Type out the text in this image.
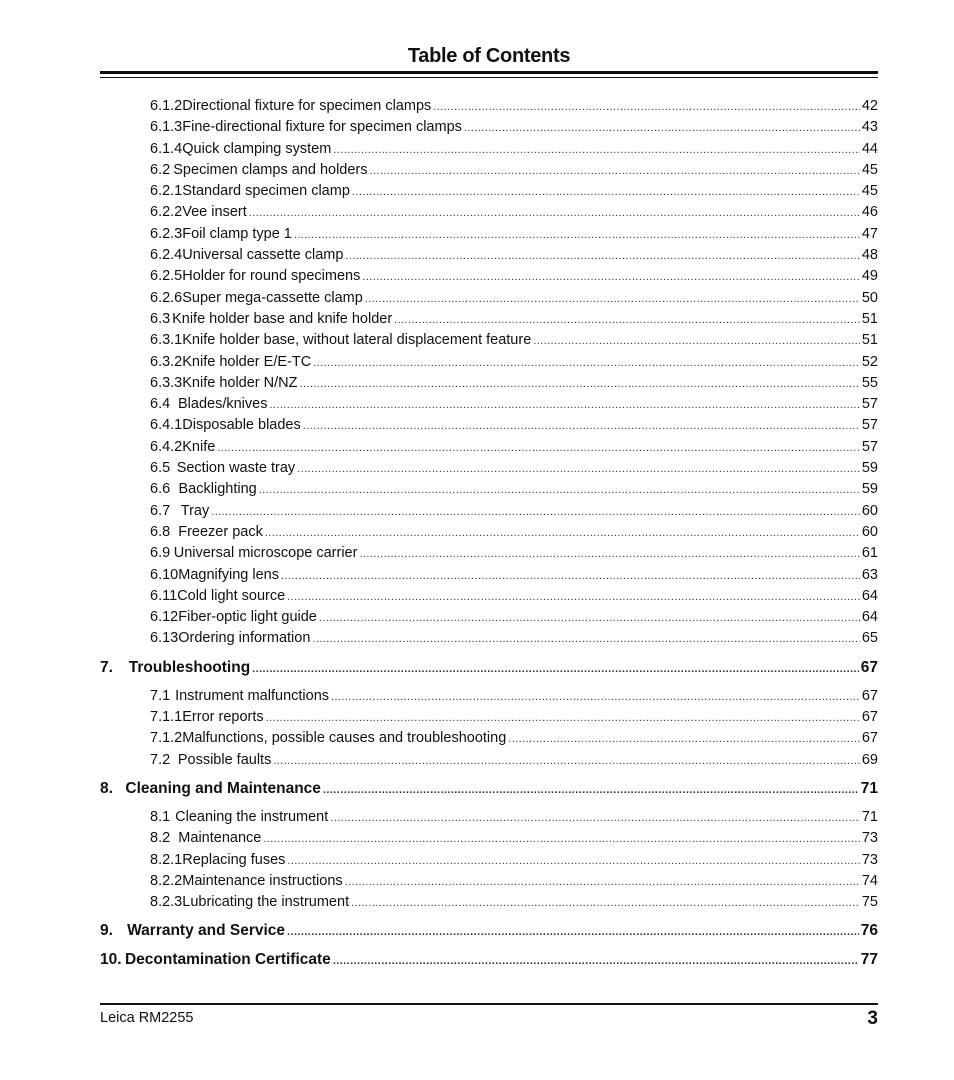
Table of Contents
6.1.2 Directional fixture for specimen clamps .....	42
6.1.3 Fine-directional fixture for specimen clamps .....	43
6.1.4 Quick clamping system .....	44
6.2 Specimen clamps and holders .....	45
6.2.1 Standard specimen clamp .....	45
6.2.2 Vee insert .....	46
6.2.3 Foil clamp type 1 .....	47
6.2.4 Universal cassette clamp .....	48
6.2.5 Holder for round specimens .....	49
6.2.6 Super mega-cassette clamp .....	50
6.3 Knife holder base and knife holder .....	51
6.3.1 Knife holder base, without lateral displacement feature .....	51
6.3.2 Knife holder E/E-TC .....	52
6.3.3 Knife holder N/NZ .....	55
6.4 Blades/knives .....	57
6.4.1 Disposable blades .....	57
6.4.2 Knife .....	57
6.5 Section waste tray .....	59
6.6 Backlighting .....	59
6.7 Tray .....	60
6.8 Freezer pack .....	60
6.9 Universal microscope carrier .....	61
6.10 Magnifying lens .....	63
6.11 Cold light source .....	64
6.12 Fiber-optic light guide .....	64
6.13 Ordering information .....	65
7.	Troubleshooting .....	67
7.1 Instrument malfunctions .....	67
7.1.1 Error reports .....	67
7.1.2 Malfunctions, possible causes and troubleshooting .....	67
7.2 Possible faults .....	69
8. Cleaning and Maintenance .....	71
8.1 Cleaning the instrument .....	71
8.2 Maintenance .....	73
8.2.1 Replacing fuses .....	73
8.2.2 Maintenance instructions .....	74
8.2.3 Lubricating the instrument .....	75
9. Warranty and Service .....	76
10. Decontamination Certificate .....	77
Leica RM2255	3
